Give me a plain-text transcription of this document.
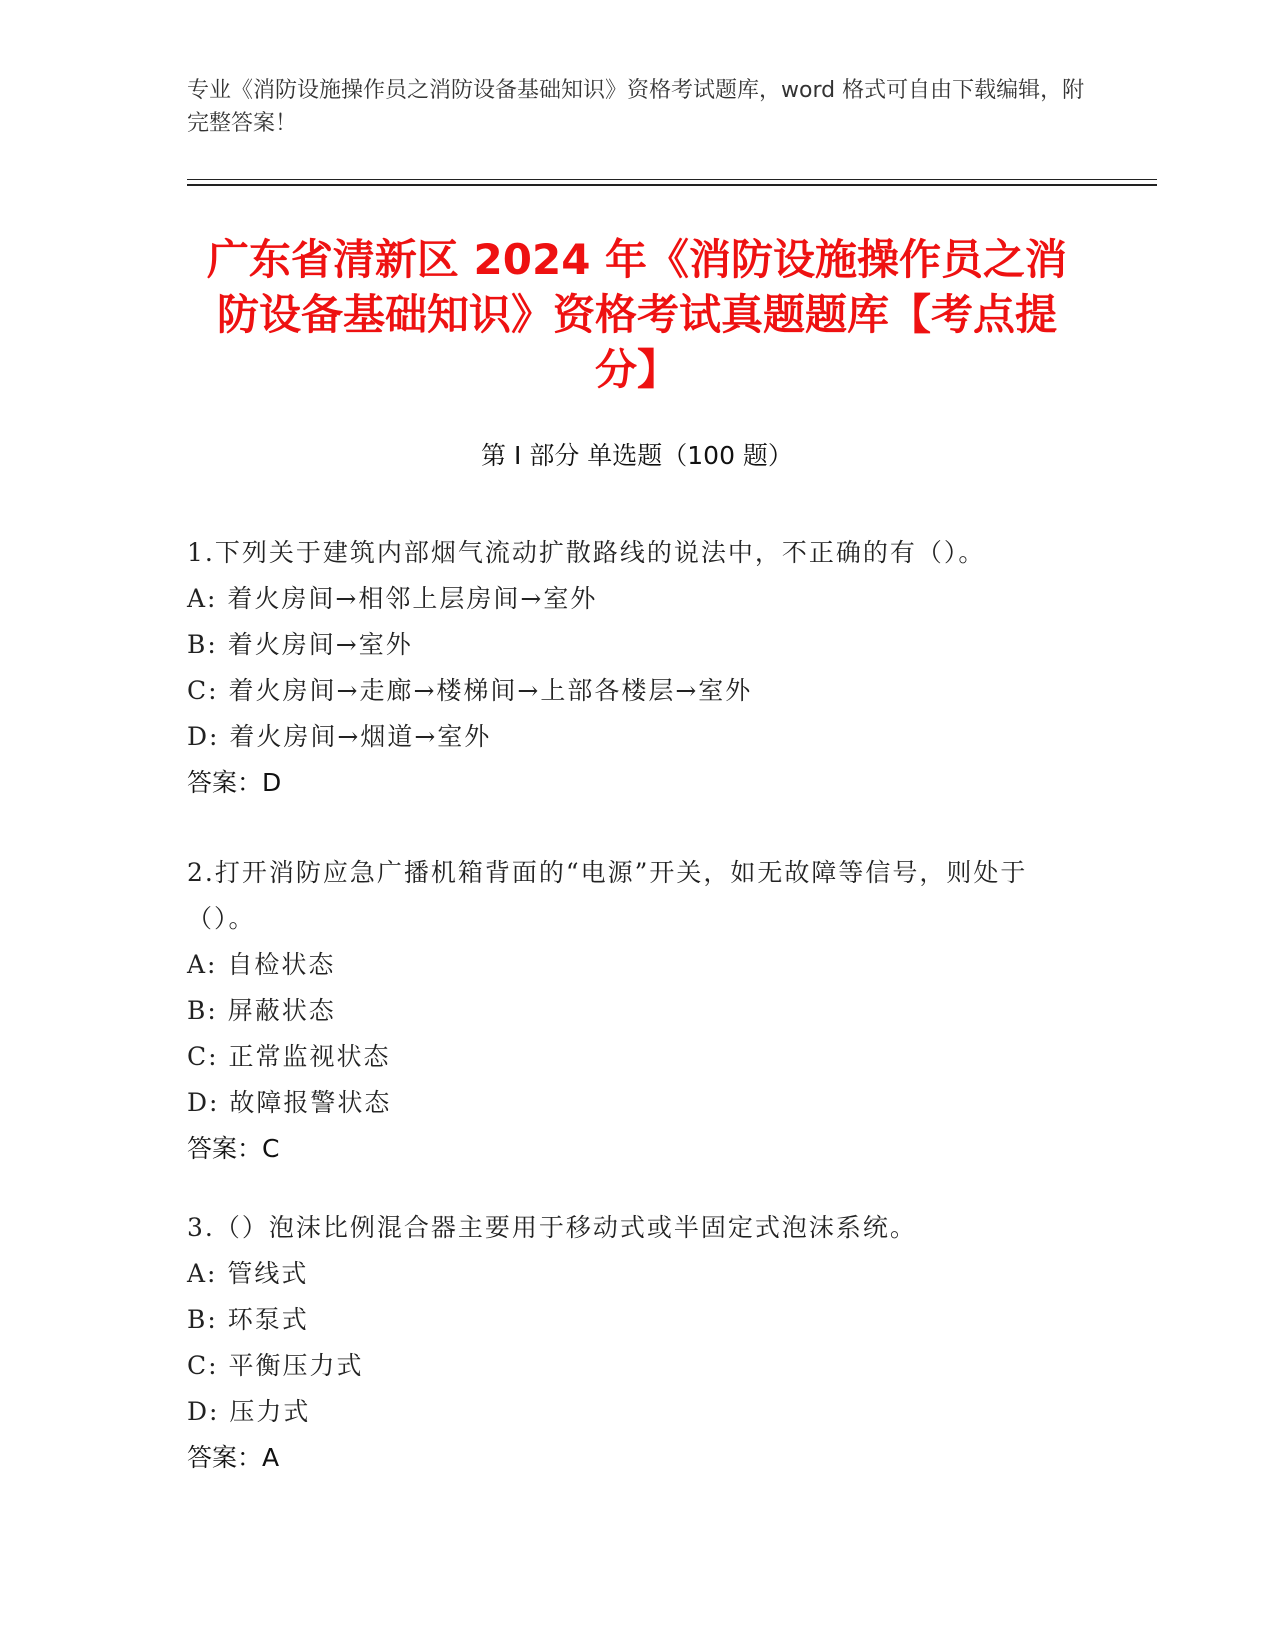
专业《消防设施操作员之消防设备基础知识》资格考试题库，word 格式可自由下载编辑，附完整答案！
广东省清新区 2024 年《消防设施操作员之消防设备基础知识》资格考试真题题库【考点提分】
第 I 部分 单选题（100 题）
1.下列关于建筑内部烟气流动扩散路线的说法中，不正确的有（）。
A: 着火房间→相邻上层房间→室外
B: 着火房间→室外
C: 着火房间→走廊→楼梯间→上部各楼层→室外
D: 着火房间→烟道→室外
答案：D
2.打开消防应急广播机箱背面的“电源”开关，如无故障等信号，则处于（）。
A: 自检状态
B: 屏蔽状态
C: 正常监视状态
D: 故障报警状态
答案：C
3.（）泡沫比例混合器主要用于移动式或半固定式泡沫系统。
A: 管线式
B: 环泵式
C: 平衡压力式
D: 压力式
答案：A
